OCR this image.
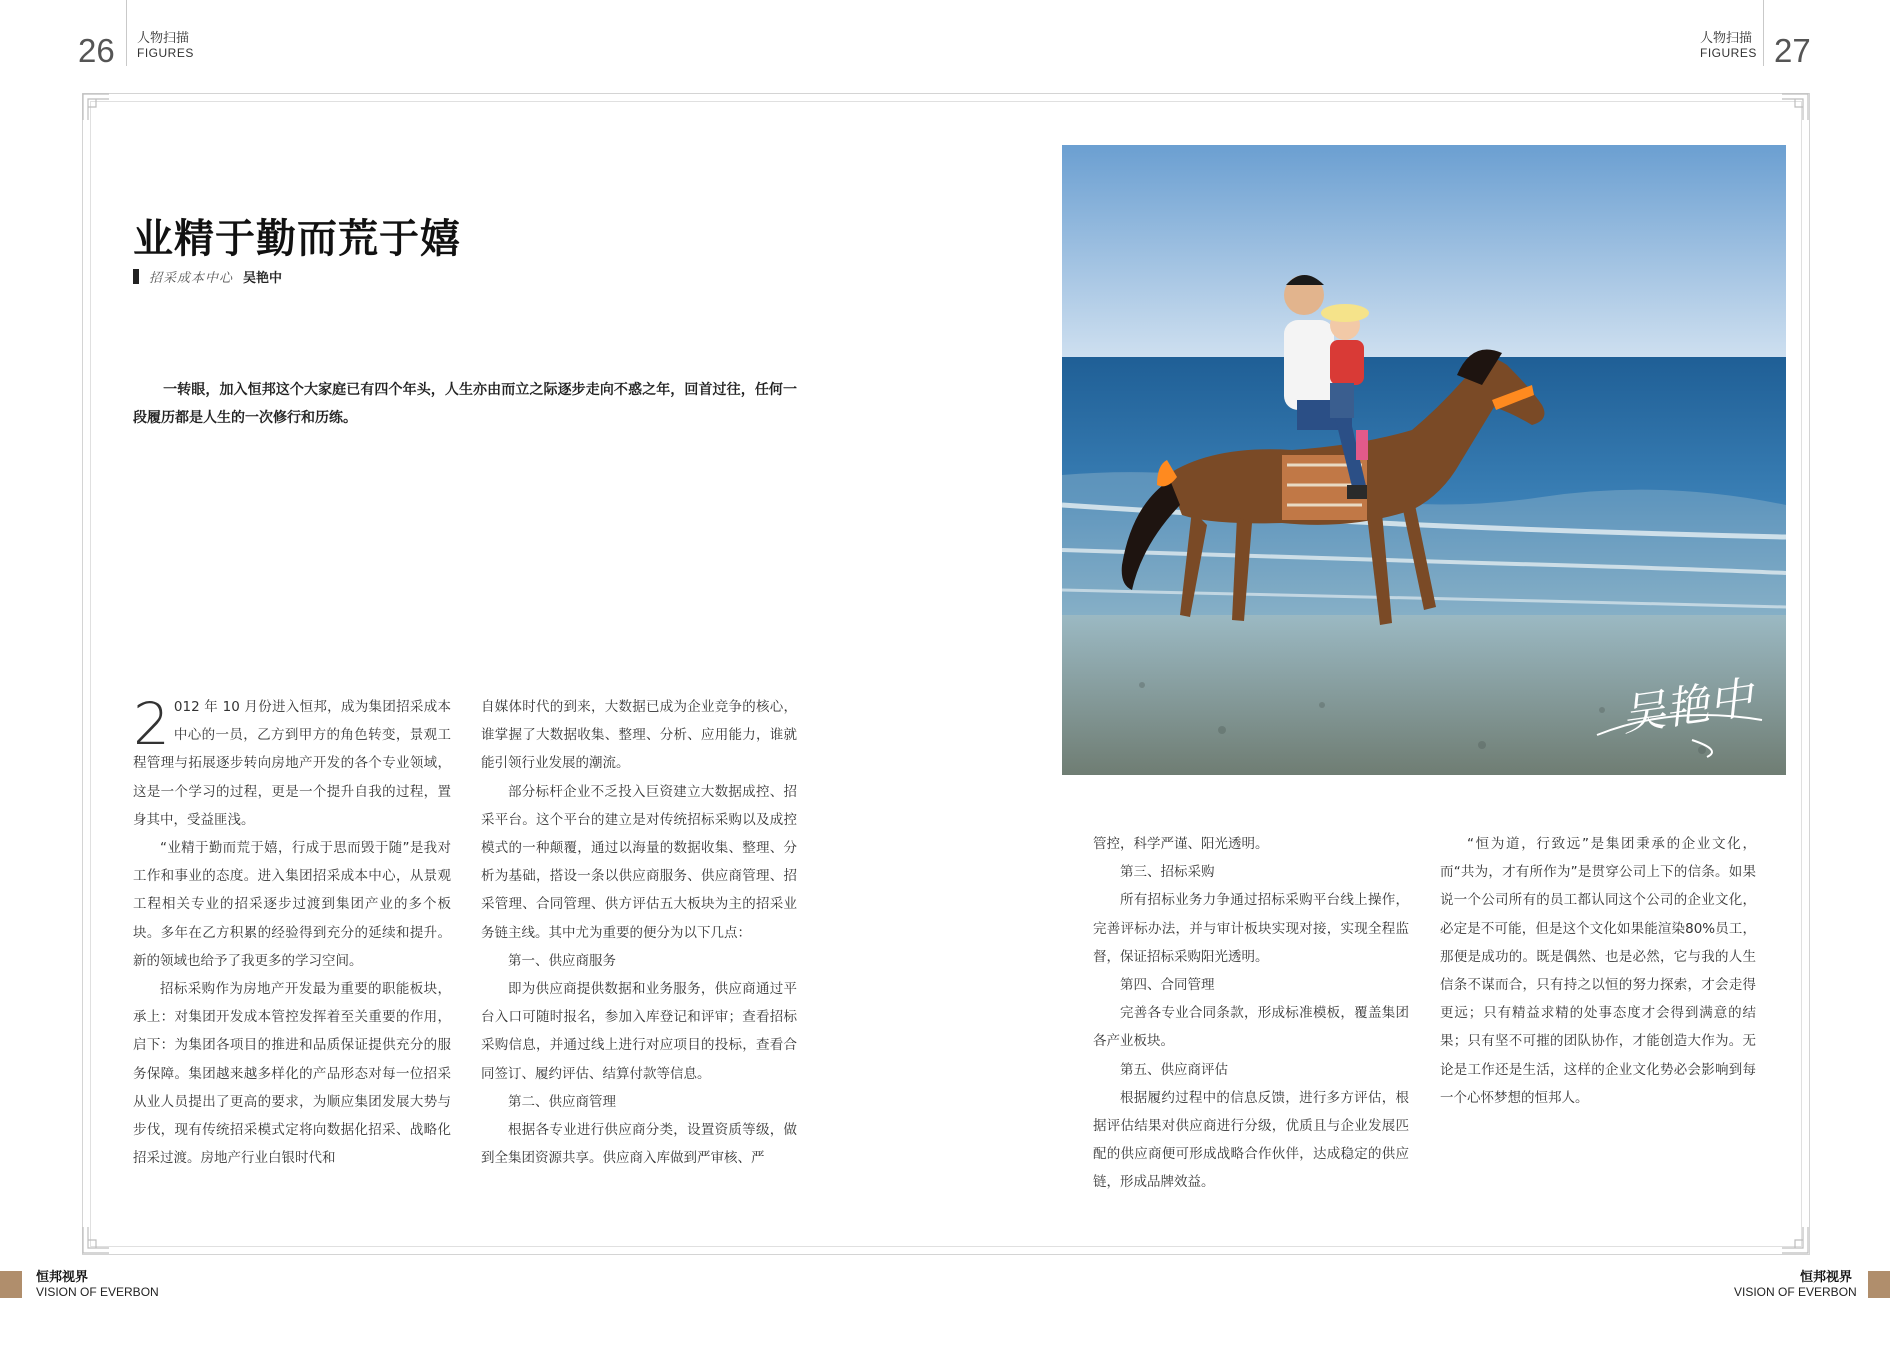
26 人物扫描
FIGURES
人物扫描
FIGURES 27
业精于勤而荒于嬉
招采成本中心 吴艳中
一转眼，加入恒邦这个大家庭已有四个年头，人生亦由而立之际逐步走向不惑之年，回首过往，任何一段履历都是人生的一次修行和历练。
吴艳中

2 012 年 10 月份进入恒邦，成为集团招采成本中心的一员，乙方到甲方的角色转变，景观工程管理与拓展逐步转向房地产开发的各个专业领域，这是一个学习的过程，更是一个提升自我的过程，置身其中，受益匪浅。

“业精于勤而荒于嬉，行成于思而毁于随”是我对工作和事业的态度。进入集团招采成本中心，从景观工程相关专业的招采逐步过渡到集团产业的多个板块。多年在乙方积累的经验得到充分的延续和提升。新的领域也给予了我更多的学习空间。

招标采购作为房地产开发最为重要的职能板块，承上：对集团开发成本管控发挥着至关重要的作用，启下：为集团各项目的推进和品质保证提供充分的服务保障。集团越来越多样化的产品形态对每一位招采从业人员提出了更高的要求，为顺应集团发展大势与步伐，现有传统招采模式定将向数据化招采、战略化招采过渡。房地产行业白银时代和

自媒体时代的到来，大数据已成为企业竞争的核心，谁掌握了大数据收集、整理、分析、应用能力，谁就能引领行业发展的潮流。

部分标杆企业不乏投入巨资建立大数据成控、招采平台。这个平台的建立是对传统招标采购以及成控模式的一种颠覆，通过以海量的数据收集、整理、分析为基础，搭设一条以供应商服务、供应商管理、招采管理、合同管理、供方评估五大板块为主的招采业务链主线。其中尤为重要的便分为以下几点：

第一、供应商服务

即为供应商提供数据和业务服务，供应商通过平台入口可随时报名，参加入库登记和评审；查看招标采购信息，并通过线上进行对应项目的投标，查看合同签订、履约评估、结算付款等信息。

第二、供应商管理

根据各专业进行供应商分类，设置资质等级，做到全集团资源共享。供应商入库做到严审核、严

管控，科学严谨、阳光透明。

第三、招标采购

所有招标业务力争通过招标采购平台线上操作，完善评标办法，并与审计板块实现对接，实现全程监督，保证招标采购阳光透明。

第四、合同管理

完善各专业合同条款，形成标准模板，覆盖集团各产业板块。

第五、供应商评估

根据履约过程中的信息反馈，进行多方评估，根据评估结果对供应商进行分级，优质且与企业发展匹配的供应商便可形成战略合作伙伴，达成稳定的供应链，形成品牌效益。

“恒为道，行致远”是集团秉承的企业文化，而“共为，才有所作为”是贯穿公司上下的信条。如果说一个公司所有的员工都认同这个公司的企业文化，必定是不可能，但是这个文化如果能渲染80%员工，那便是成功的。既是偶然、也是必然，它与我的人生信条不谋而合，只有持之以恒的努力探索，才会走得更远；只有精益求精的处事态度才会得到满意的结果；只有坚不可摧的团队协作，才能创造大作为。无论是工作还是生活，这样的企业文化势必会影响到每一个心怀梦想的恒邦人。

恒邦视界
VISION OF EVERBON
恒邦视界
VISION OF EVERBON
